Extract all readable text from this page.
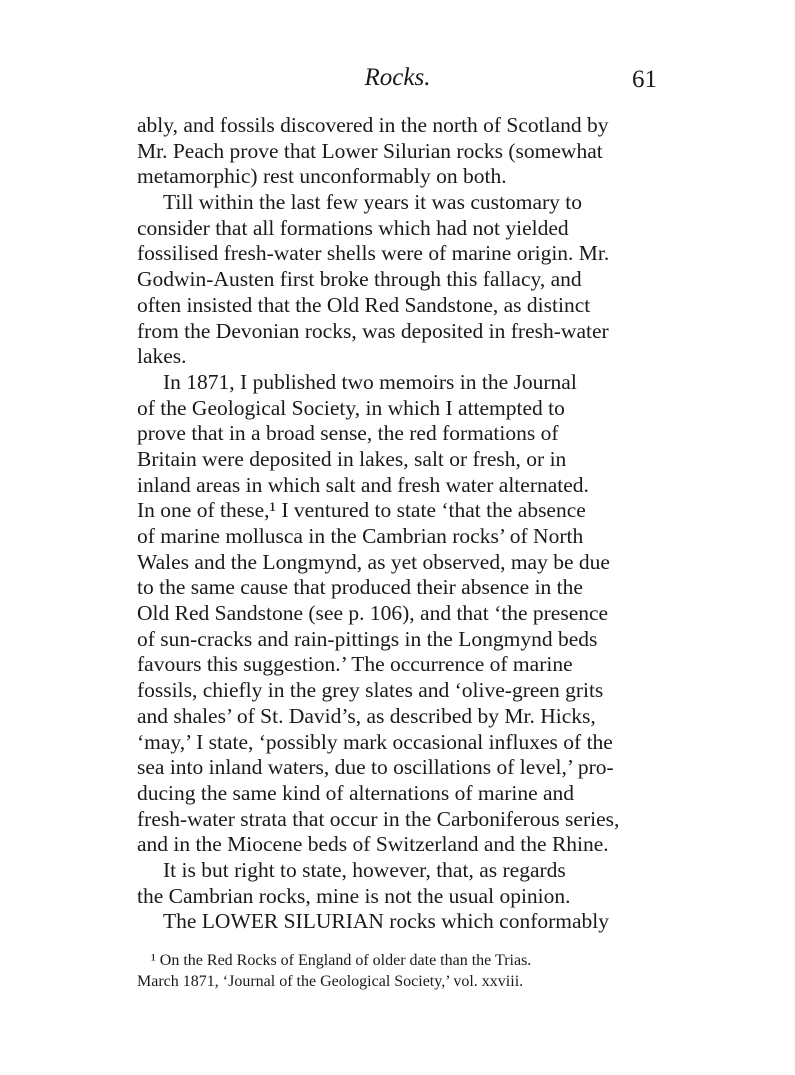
Rocks.	61
ably, and fossils discovered in the north of Scotland by
Mr. Peach prove that Lower Silurian rocks (somewhat
metamorphic) rest unconformably on both.
Till within the last few years it was customary to
consider that all formations which had not yielded
fossilised fresh-water shells were of marine origin. Mr.
Godwin-Austen first broke through this fallacy, and
often insisted that the Old Red Sandstone, as distinct
from the Devonian rocks, was deposited in fresh-water
lakes.
In 1871, I published two memoirs in the Journal
of the Geological Society, in which I attempted to
prove that in a broad sense, the red formations of
Britain were deposited in lakes, salt or fresh, or in
inland areas in which salt and fresh water alternated.
In one of these,¹ I ventured to state ‘that the absence
of marine mollusca in the Cambrian rocks’ of North
Wales and the Longmynd, as yet observed, may be due
to the same cause that produced their absence in the
Old Red Sandstone (see p. 106), and that ‘the presence
of sun-cracks and rain-pittings in the Longmynd beds
favours this suggestion.’ The occurrence of marine
fossils, chiefly in the grey slates and ‘olive-green grits
and shales’ of St. David’s, as described by Mr. Hicks,
‘may,’ I state, ‘possibly mark occasional influxes of the
sea into inland waters, due to oscillations of level,’ pro-
ducing the same kind of alternations of marine and
fresh-water strata that occur in the Carboniferous series,
and in the Miocene beds of Switzerland and the Rhine.
It is but right to state, however, that, as regards
the Cambrian rocks, mine is not the usual opinion.
The LOWER SILURIAN rocks which conformably
¹ On the Red Rocks of England of older date than the Trias.
March 1871, ‘Journal of the Geological Society,’ vol. xxviii.
